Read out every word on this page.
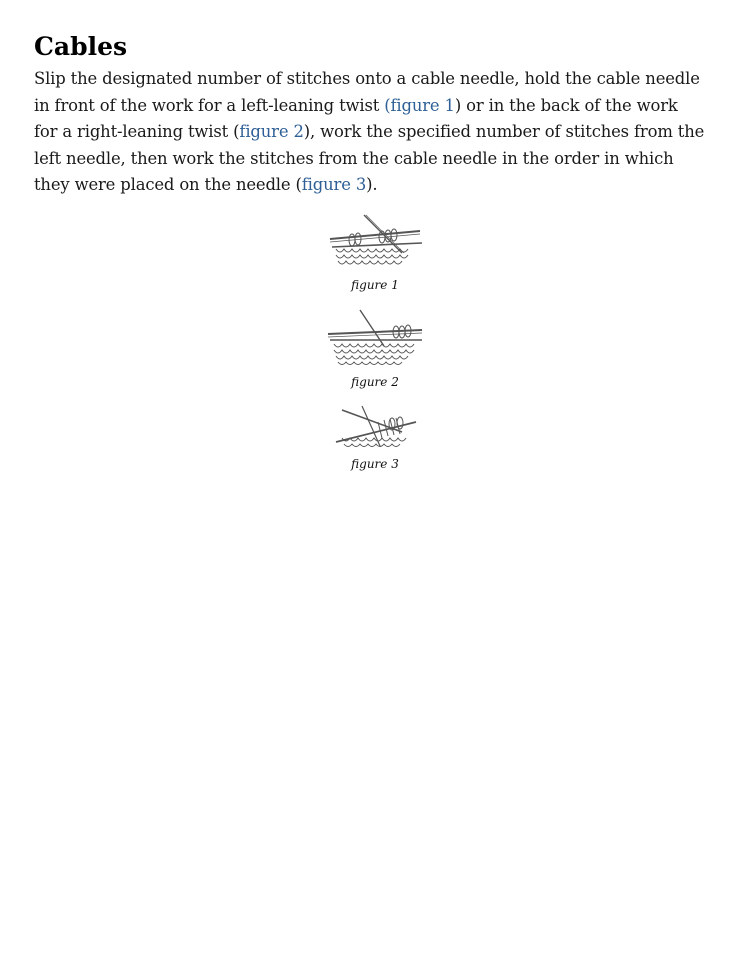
Cables

Slip the designated number of stitches onto a cable needle, hold the cable needle in front of the work for a left-leaning twist (figure 1) or in the back of the work for a right-leaning twist (figure 2), work the specified number of stitches from the left needle, then work the stitches from the cable needle in the order in which they were placed on the needle (figure 3).

figure 1
figure 2
figure 3
